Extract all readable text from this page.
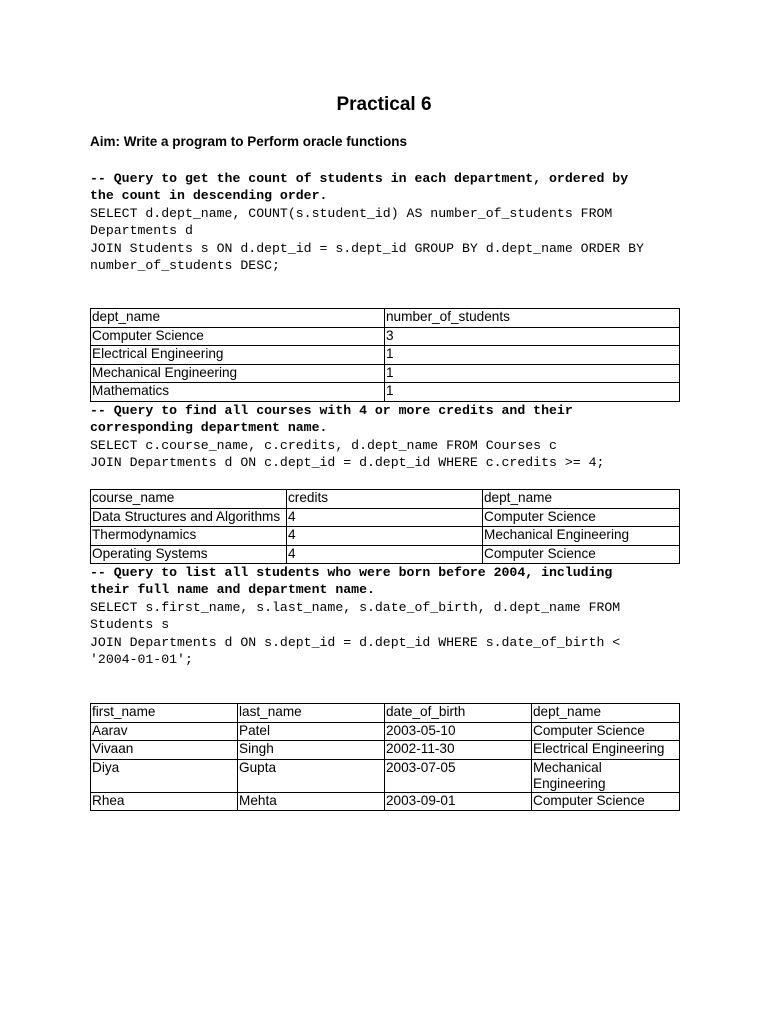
Practical 6
Aim: Write a program to Perform oracle functions
-- Query to get the count of students in each department, ordered by
the count in descending order.
SELECT d.dept_name, COUNT(s.student_id) AS number_of_students FROM
Departments d
JOIN Students s ON d.dept_id = s.dept_id GROUP BY d.dept_name ORDER BY
number_of_students DESC;
dept_name	number_of_students
Computer Science	3
Electrical Engineering	1
Mechanical Engineering	1
Mathematics	1
-- Query to find all courses with 4 or more credits and their
corresponding department name.
SELECT c.course_name, c.credits, d.dept_name FROM Courses c
JOIN Departments d ON c.dept_id = d.dept_id WHERE c.credits >= 4;
course_name	credits	dept_name
Data Structures and Algorithms	4	Computer Science
Thermodynamics	4	Mechanical Engineering
Operating Systems	4	Computer Science
-- Query to list all students who were born before 2004, including
their full name and department name.
SELECT s.first_name, s.last_name, s.date_of_birth, d.dept_name FROM
Students s
JOIN Departments d ON s.dept_id = d.dept_id WHERE s.date_of_birth <
'2004-01-01';
first_name	last_name	date_of_birth	dept_name
Aarav	Patel	2003-05-10	Computer Science
Vivaan	Singh	2002-11-30	Electrical Engineering
Diya	Gupta	2003-07-05	Mechanical Engineering
Rhea	Mehta	2003-09-01	Computer Science
